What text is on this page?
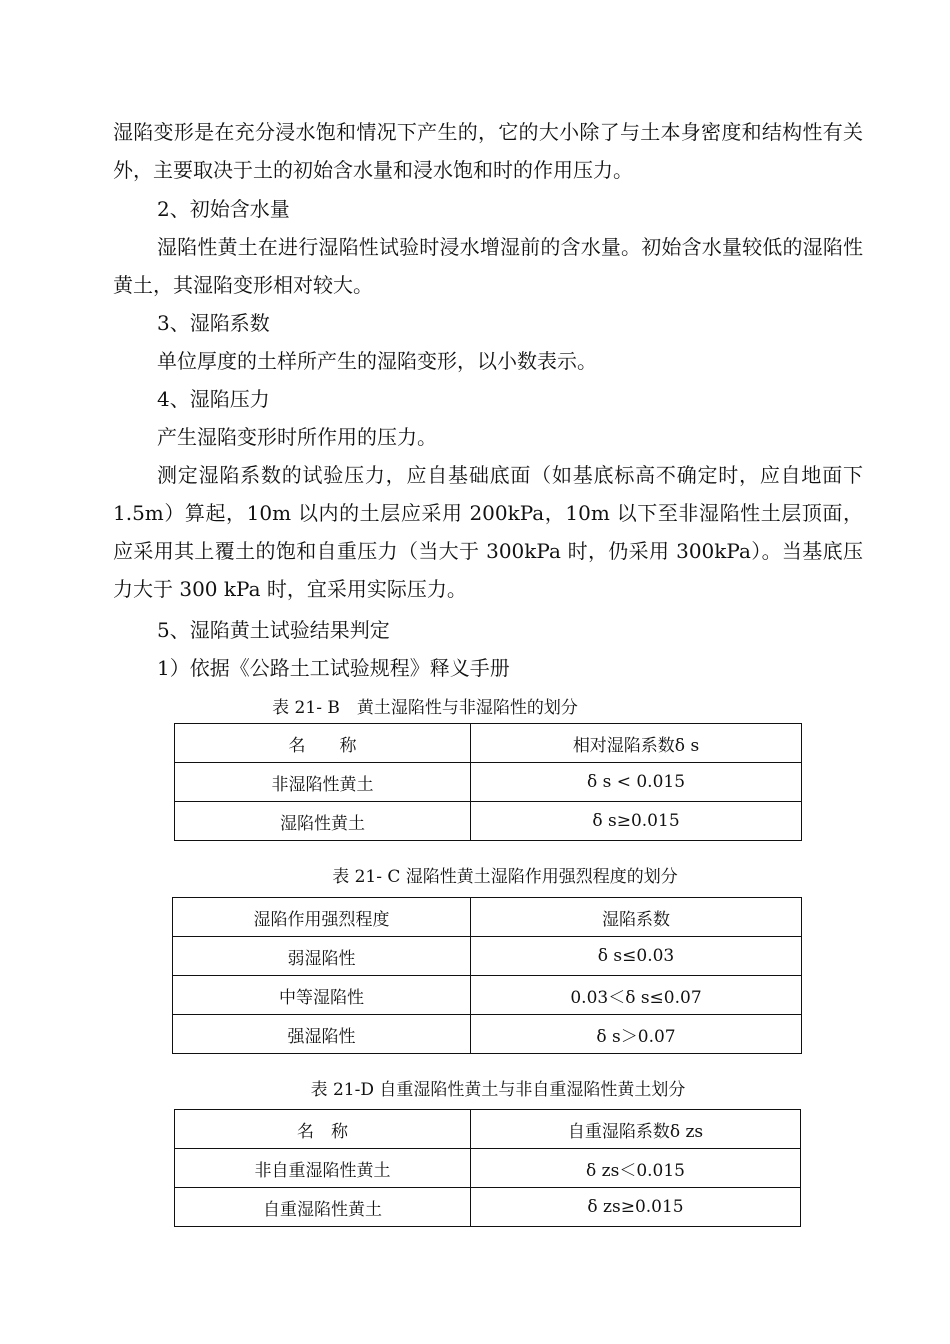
湿陷变形是在充分浸水饱和情况下产生的，它的大小除了与土本身密度和结构性有关外，主要取决于土的初始含水量和浸水饱和时的作用压力。

2、初始含水量

湿陷性黄土在进行湿陷性试验时浸水增湿前的含水量。初始含水量较低的湿陷性黄土，其湿陷变形相对较大。

3、湿陷系数

单位厚度的土样所产生的湿陷变形，以小数表示。

4、湿陷压力

产生湿陷变形时所作用的压力。

测定湿陷系数的试验压力，应自基础底面（如基底标高不确定时，应自地面下 1.5m）算起，10m 以内的土层应采用 200kPa，10m 以下至非湿陷性土层顶面，应采用其上覆土的饱和自重压力（当大于 300kPa 时，仍采用 300kPa）。当基底压力大于 300 kPa 时，宜采用实际压力。

5、湿陷黄土试验结果判定

1）依据《公路土工试验规程》释义手册

表 21- B　黄土湿陷性与非湿陷性的划分

名　　称	相对湿陷系数δ s
非湿陷性黄土	δ s < 0.015
湿陷性黄土	δ s≥0.015

表 21- C 湿陷性黄土湿陷作用强烈程度的划分

湿陷作用强烈程度	湿陷系数
弱湿陷性	δ s≤0.03
中等湿陷性	0.03＜δ s≤0.07
强湿陷性	δ s＞0.07

表 21-D 自重湿陷性黄土与非自重湿陷性黄土划分

名　称	自重湿陷系数δ zs
非自重湿陷性黄土	δ zs＜0.015
自重湿陷性黄土	δ zs≥0.015
